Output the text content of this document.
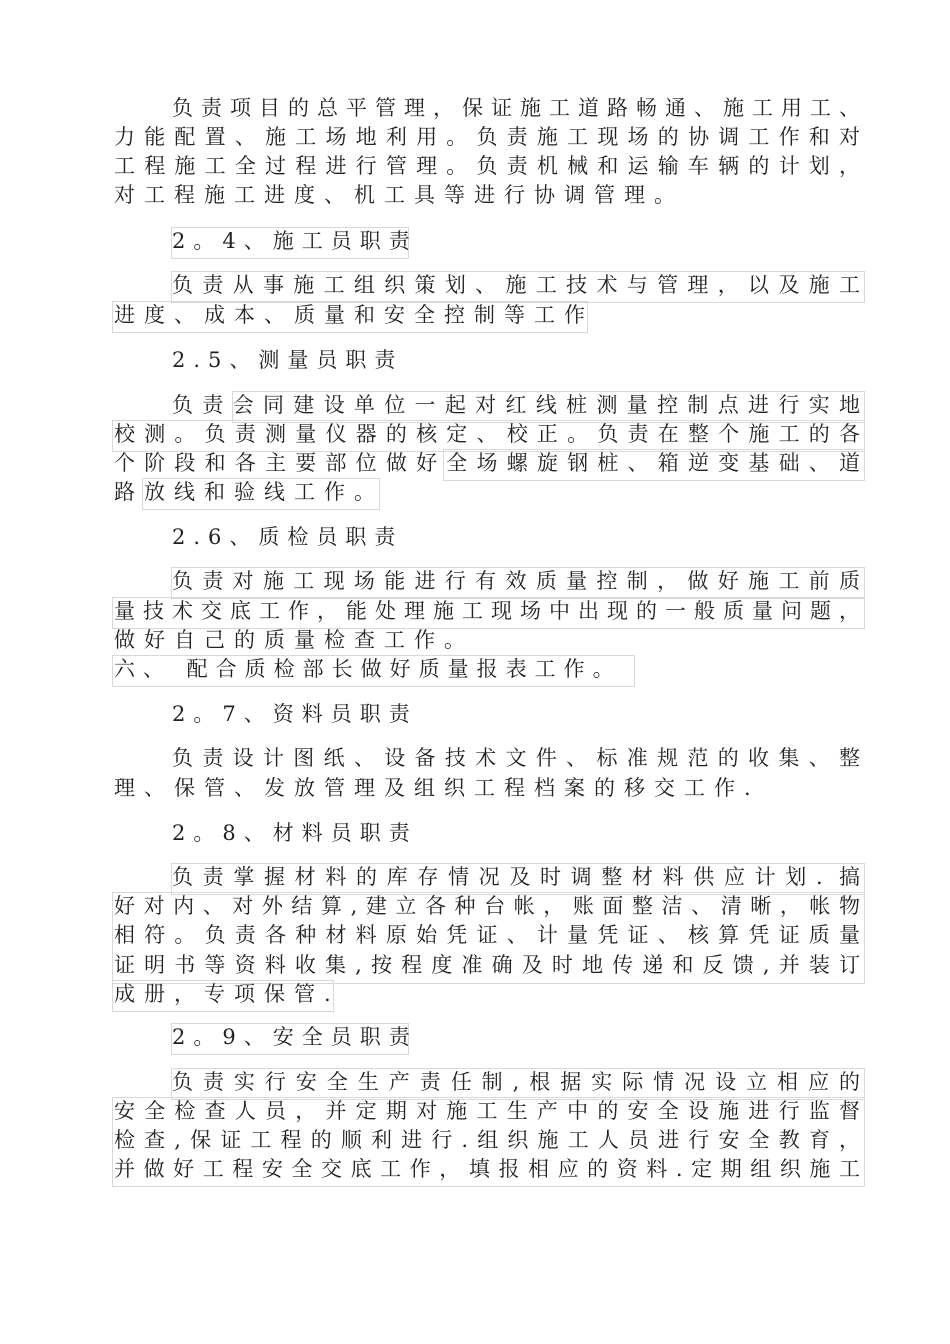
负责项目的总平管理，保证施工道路畅通、施工用工、
力能配置、施工场地利用。负责施工现场的协调工作和对
工程施工全过程进行管理。负责机械和运输车辆的计划，
对工程施工进度、机工具等进行协调管理。
2。4、施工员职责
负责从事施工组织策划、施工技术与管理，以及施工
进度、成本、质量和安全控制等工作
2.5、测量员职责
负责会同建设单位一起对红线桩测量控制点进行实地
校测。负责测量仪器的核定、校正。负责在整个施工的各
个阶段和各主要部位做好全场螺旋钢桩、箱逆变基础、道
路放线和验线工作。
2.6、质检员职责
负责对施工现场能进行有效质量控制，做好施工前质
量技术交底工作，能处理施工现场中出现的一般质量问题，
做好自己的质量检查工作。
六、 配合质检部长做好质量报表工作。
2。7、资料员职责
负责设计图纸、设备技术文件、标准规范的收集、整
理、保管、发放管理及组织工程档案的移交工作.
2。8、材料员职责
负责掌握材料的库存情况及时调整材料供应计划. 搞
好对内、对外结算,建立各种台帐，账面整洁、清晰，帐物
相符。负责各种材料原始凭证、计量凭证、核算凭证质量
证明书等资料收集,按程度准确及时地传递和反馈,并装订
成册，专项保管.
2。9、安全员职责
负责实行安全生产责任制,根据实际情况设立相应的
安全检查人员，并定期对施工生产中的安全设施进行监督
检查,保证工程的顺利进行.组织施工人员进行安全教育，
并做好工程安全交底工作，填报相应的资料.定期组织施工
